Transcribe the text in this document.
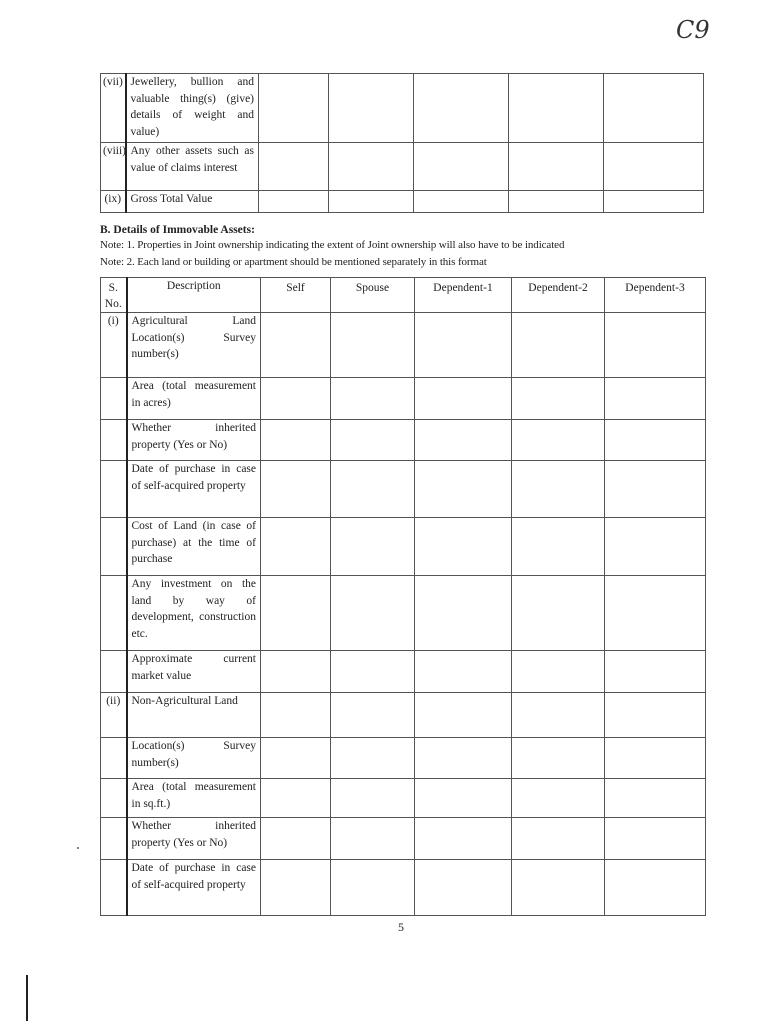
C9
(vii)	Jewellery, bullion and valuable thing(s) (give) details of weight and value)					
(viii)	Any other assets such as value of claims interest					
(ix)	Gross Total Value					
B. Details of Immovable Assets:
Note: 1. Properties in Joint ownership indicating the extent of Joint ownership will also have to be indicated
Note: 2. Each land or building or apartment should be mentioned separately in this format
S. No.	Description	Self	Spouse	Dependent-1	Dependent-2	Dependent-3
(i)	Agricultural Land Location(s) Survey number(s)					
	Area (total measurement in acres)					
	Whether inherited property (Yes or No)					
	Date of purchase in case of self-acquired property					
	Cost of Land (in case of purchase) at the time of purchase					
	Any investment on the land by way of development, construction etc.					
	Approximate current market value					
(ii)	Non-Agricultural Land					
	Location(s) Survey number(s)					
	Area (total measurement in sq.ft.)					
	Whether inherited property (Yes or No)					
	Date of purchase in case of self-acquired property					
5
